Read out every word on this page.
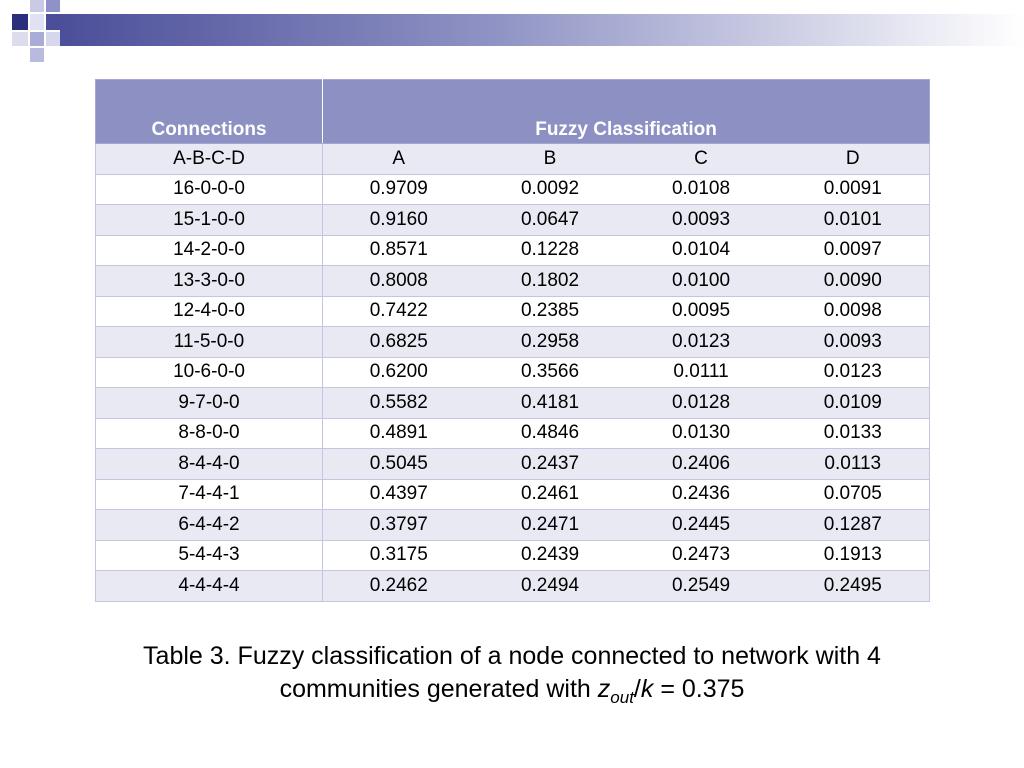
Connections	Fuzzy Classification			
A-B-C-D	A	B	C	D
16-0-0-0	0.9709	0.0092	0.0108	0.0091
15-1-0-0	0.9160	0.0647	0.0093	0.0101
14-2-0-0	0.8571	0.1228	0.0104	0.0097
13-3-0-0	0.8008	0.1802	0.0100	0.0090
12-4-0-0	0.7422	0.2385	0.0095	0.0098
11-5-0-0	0.6825	0.2958	0.0123	0.0093
10-6-0-0	0.6200	0.3566	0.0111	0.0123
9-7-0-0	0.5582	0.4181	0.0128	0.0109
8-8-0-0	0.4891	0.4846	0.0130	0.0133
8-4-4-0	0.5045	0.2437	0.2406	0.0113
7-4-4-1	0.4397	0.2461	0.2436	0.0705
6-4-4-2	0.3797	0.2471	0.2445	0.1287
5-4-4-3	0.3175	0.2439	0.2473	0.1913
4-4-4-4	0.2462	0.2494	0.2549	0.2495
Table 3. Fuzzy classification of a node connected to network with 4
communities generated with $z_{out}/k = 0.375$
